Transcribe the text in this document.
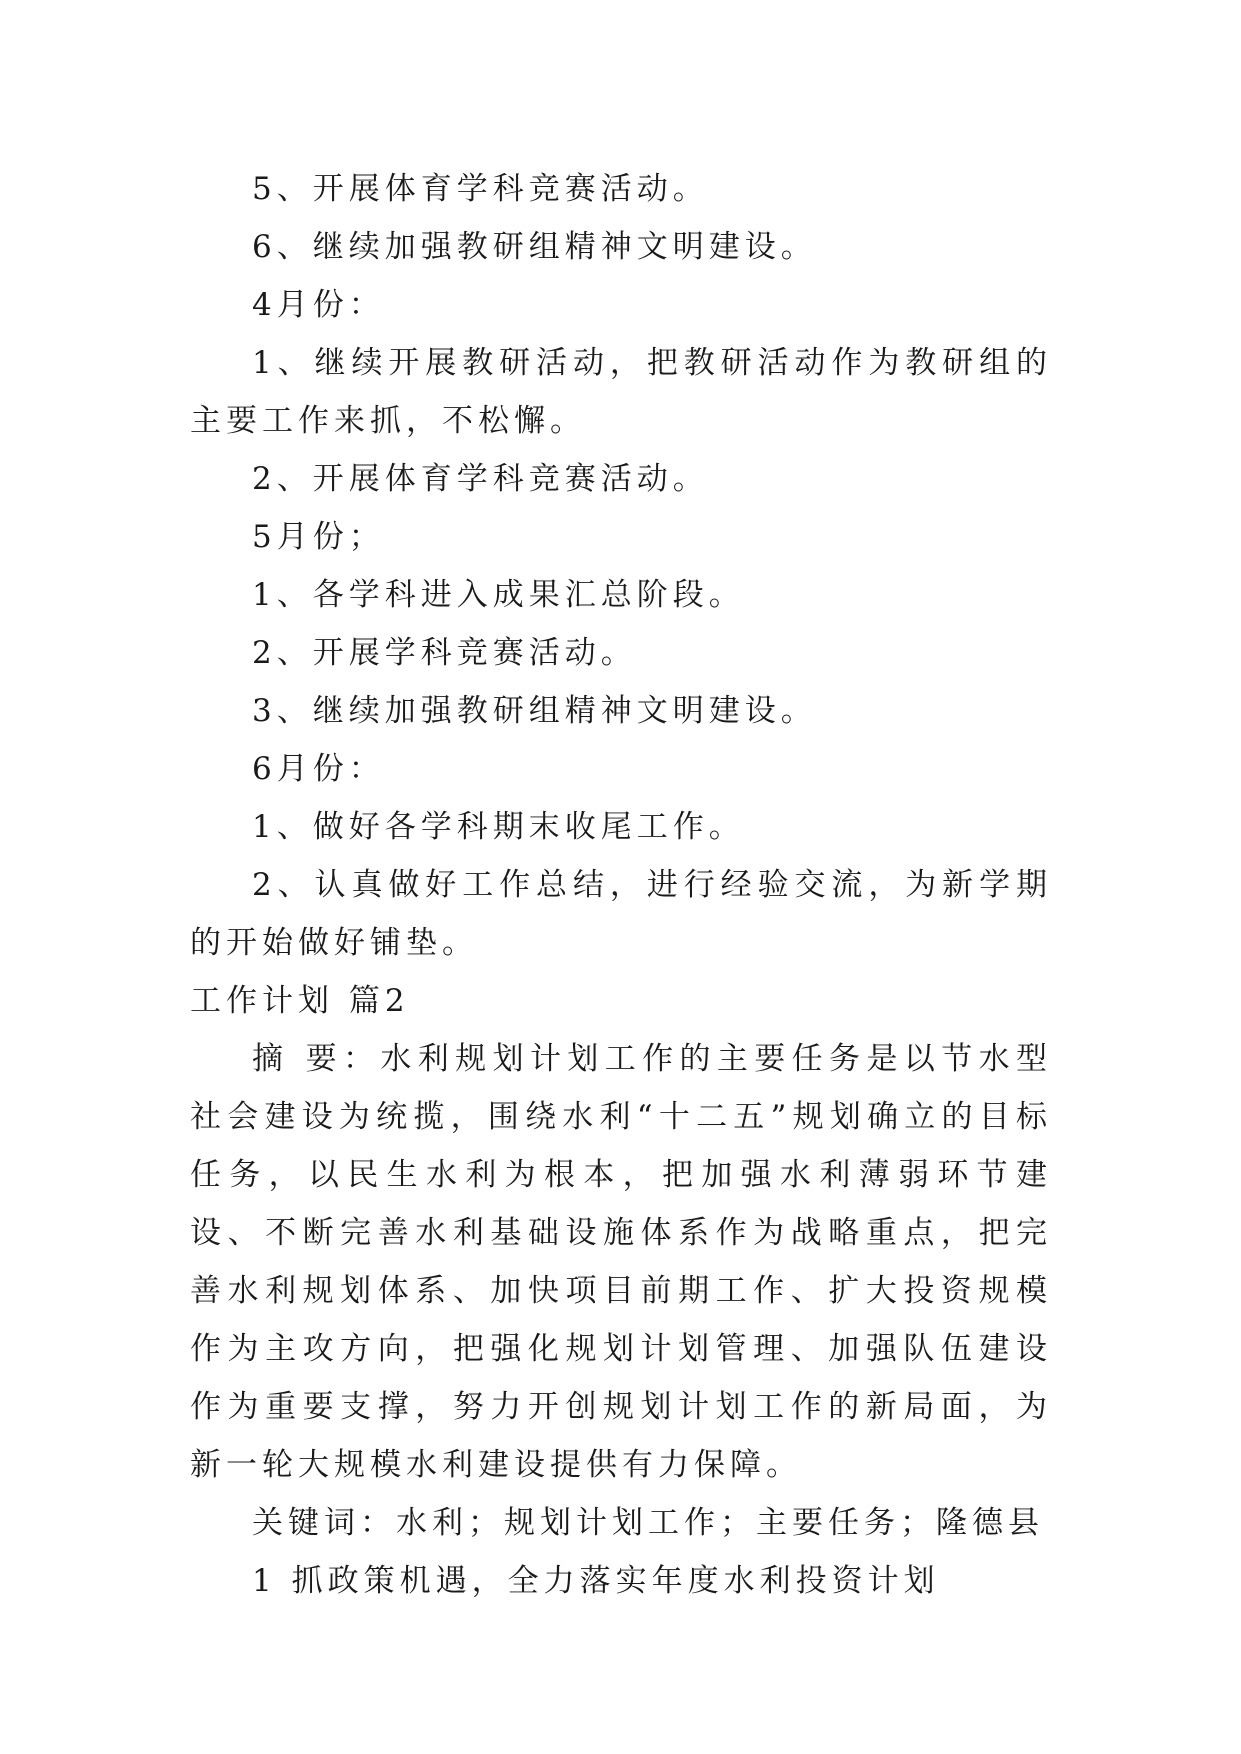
5、开展体育学科竞赛活动。

6、继续加强教研组精神文明建设。

4月份：

1、继续开展教研活动，把教研活动作为教研组的主要工作来抓，不松懈。

2、开展体育学科竞赛活动。

5月份；

1、各学科进入成果汇总阶段。

2、开展学科竞赛活动。

3、继续加强教研组精神文明建设。

6月份：

1、做好各学科期末收尾工作。

2、认真做好工作总结，进行经验交流，为新学期的开始做好铺垫。

工作计划 篇2

摘 要：水利规划计划工作的主要任务是以节水型社会建设为统揽，围绕水利“十二五”规划确立的目标任务，以民生水利为根本，把加强水利薄弱环节建设、不断完善水利基础设施体系作为战略重点，把完善水利规划体系、加快项目前期工作、扩大投资规模作为主攻方向，把强化规划计划管理、加强队伍建设作为重要支撑，努力开创规划计划工作的新局面，为新一轮大规模水利建设提供有力保障。

关键词：水利；规划计划工作；主要任务；隆德县

1 抓政策机遇，全力落实年度水利投资计划
